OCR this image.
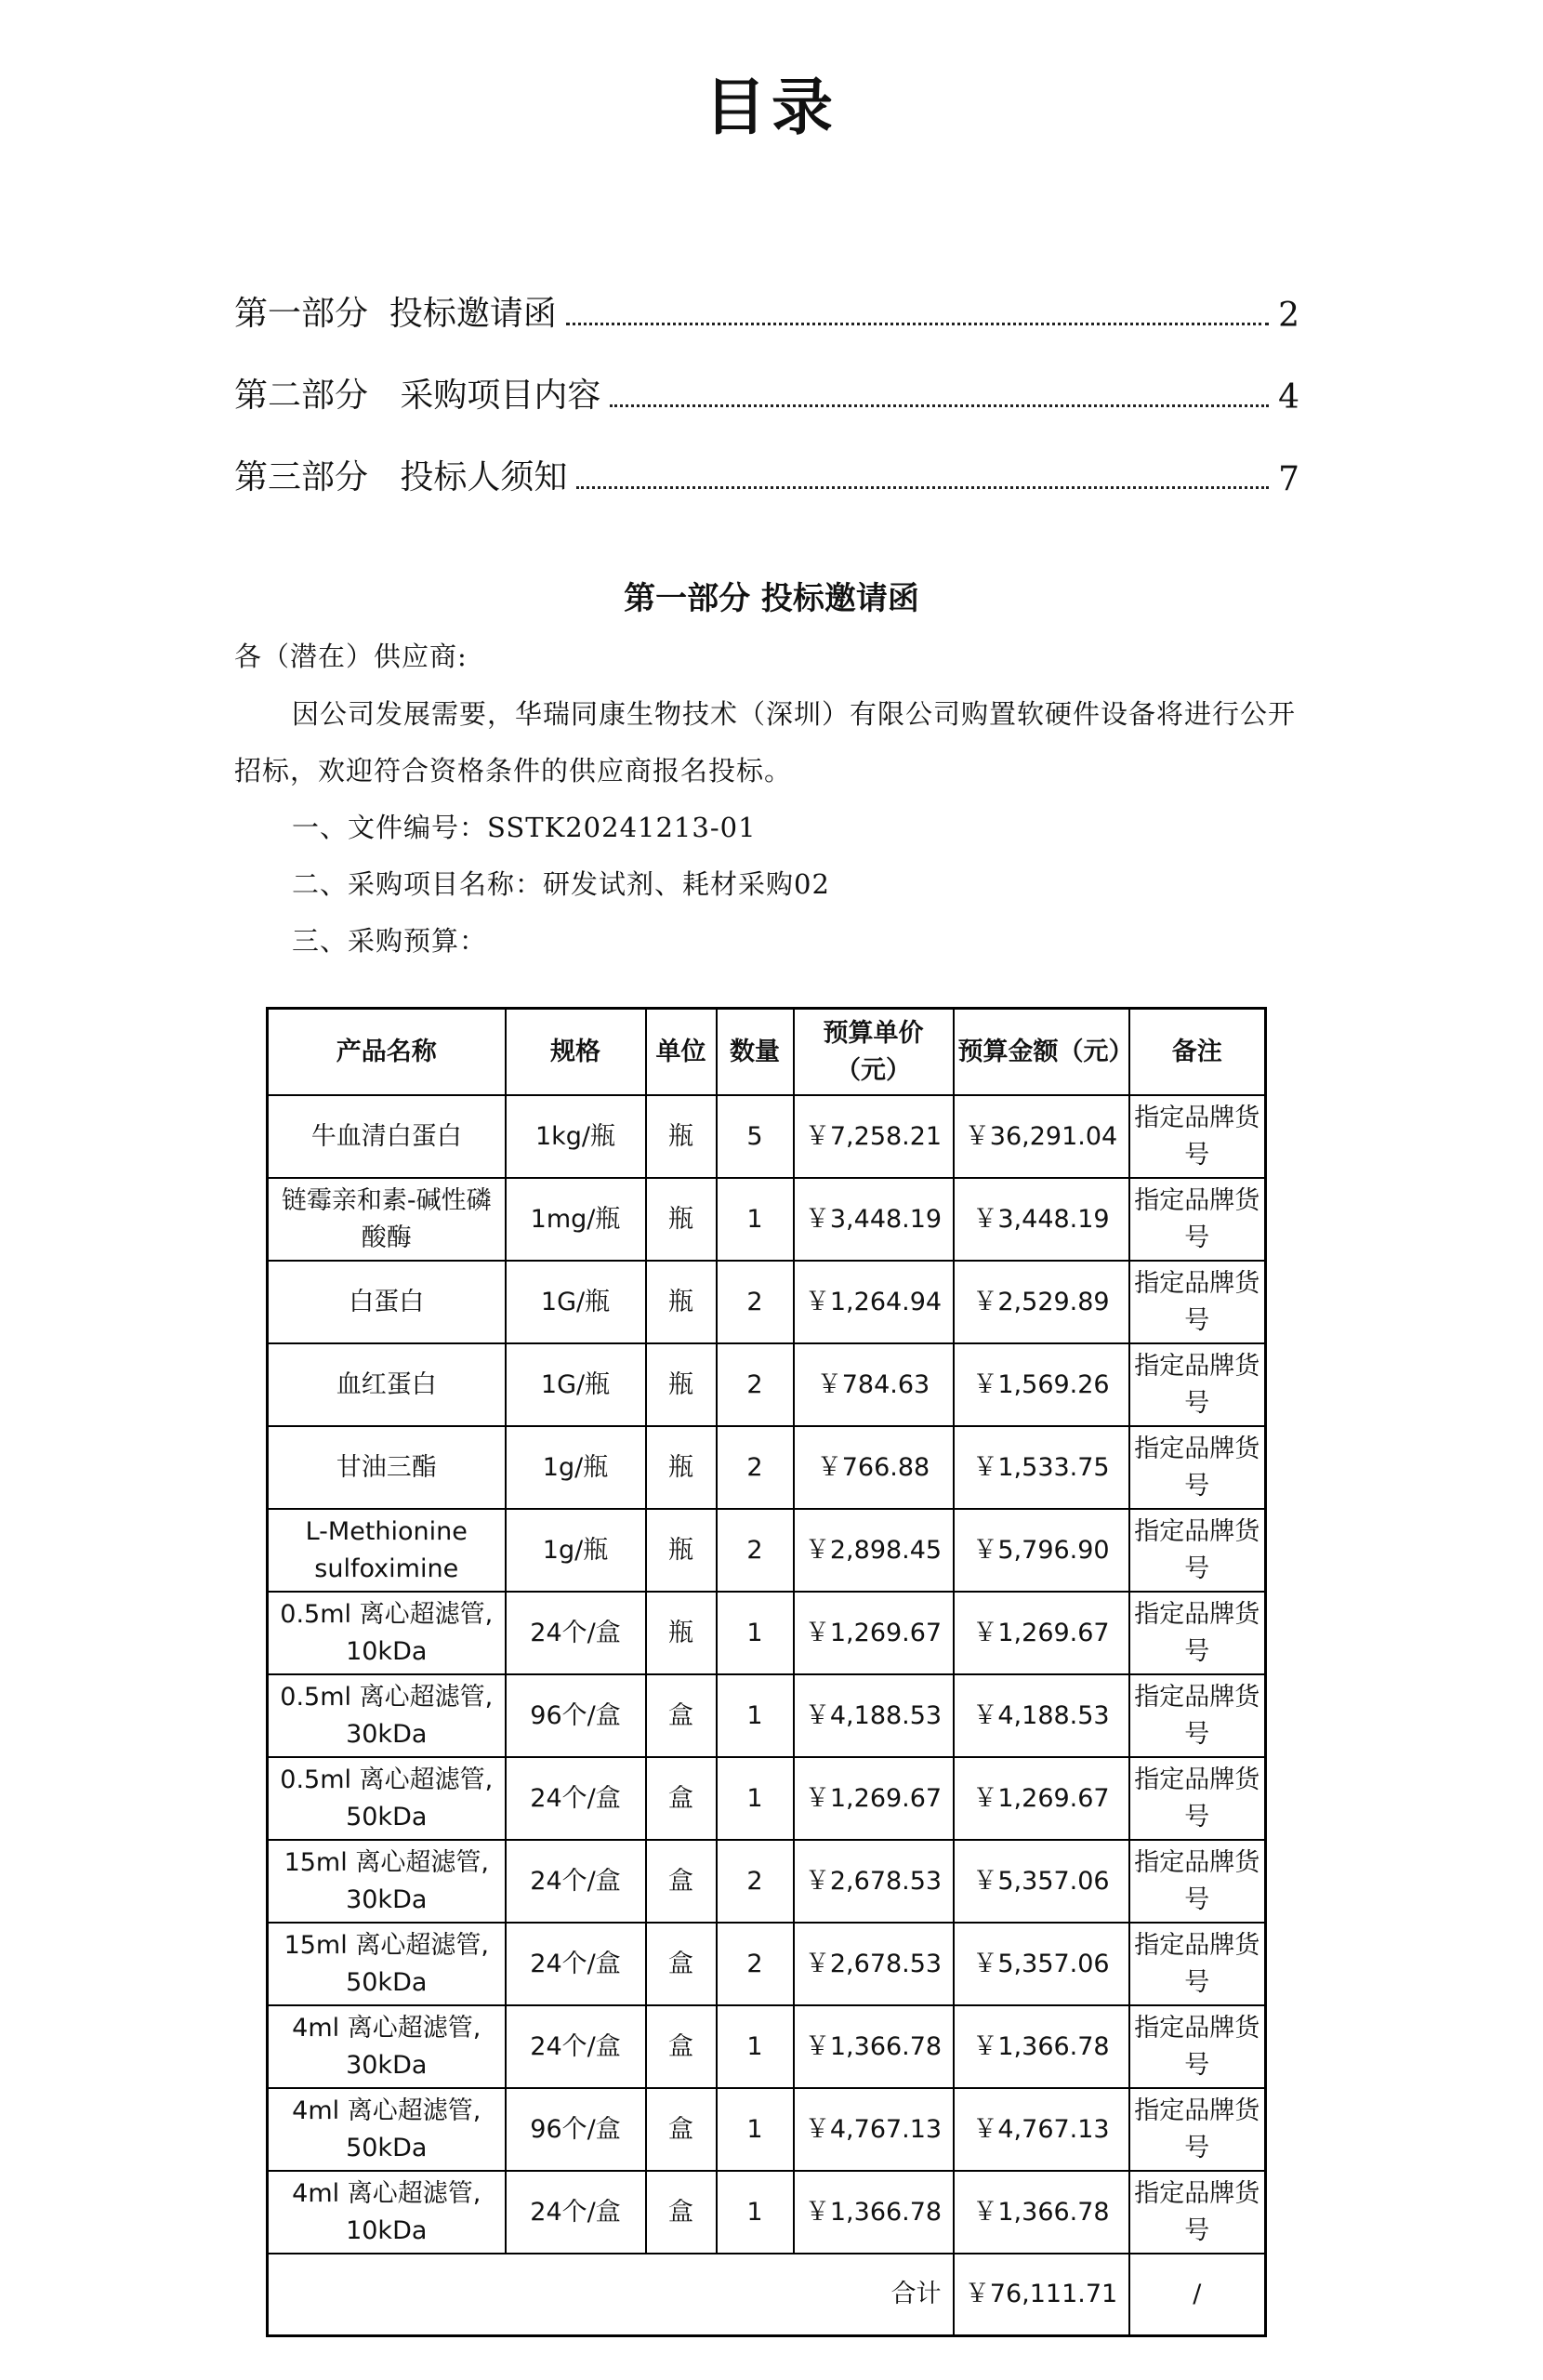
目录
第一部分  投标邀请函	2
第二部分   采购项目内容	4
第三部分   投标人须知	7
第一部分 投标邀请函
各（潜在）供应商:
因公司发展需要，华瑞同康生物技术（深圳）有限公司购置软硬件设备将进行公开招标，欢迎符合资格条件的供应商报名投标。
一、文件编号：SSTK20241213-01
二、采购项目名称：研发试剂、耗材采购02
三、采购预算：
产品名称	规格	单位	数量	预算单价（元）	预算金额（元）	备注
牛血清白蛋白	1kg/瓶	瓶	5	￥7,258.21	￥36,291.04	指定品牌货号
链霉亲和素-碱性磷酸酶	1mg/瓶	瓶	1	￥3,448.19	￥3,448.19	指定品牌货号
白蛋白	1G/瓶	瓶	2	￥1,264.94	￥2,529.89	指定品牌货号
血红蛋白	1G/瓶	瓶	2	￥784.63	￥1,569.26	指定品牌货号
甘油三酯	1g/瓶	瓶	2	￥766.88	￥1,533.75	指定品牌货号
L-Methionine sulfoximine	1g/瓶	瓶	2	￥2,898.45	￥5,796.90	指定品牌货号
0.5ml 离心超滤管, 10kDa	24个/盒	瓶	1	￥1,269.67	￥1,269.67	指定品牌货号
0.5ml 离心超滤管, 30kDa	96个/盒	盒	1	￥4,188.53	￥4,188.53	指定品牌货号
0.5ml 离心超滤管, 50kDa	24个/盒	盒	1	￥1,269.67	￥1,269.67	指定品牌货号
15ml 离心超滤管, 30kDa	24个/盒	盒	2	￥2,678.53	￥5,357.06	指定品牌货号
15ml 离心超滤管, 50kDa	24个/盒	盒	2	￥2,678.53	￥5,357.06	指定品牌货号
4ml 离心超滤管, 30kDa	24个/盒	盒	1	￥1,366.78	￥1,366.78	指定品牌货号
4ml 离心超滤管, 50kDa	96个/盒	盒	1	￥4,767.13	￥4,767.13	指定品牌货号
4ml 离心超滤管, 10kDa	24个/盒	盒	1	￥1,366.78	￥1,366.78	指定品牌货号
合计					￥76,111.71	/
